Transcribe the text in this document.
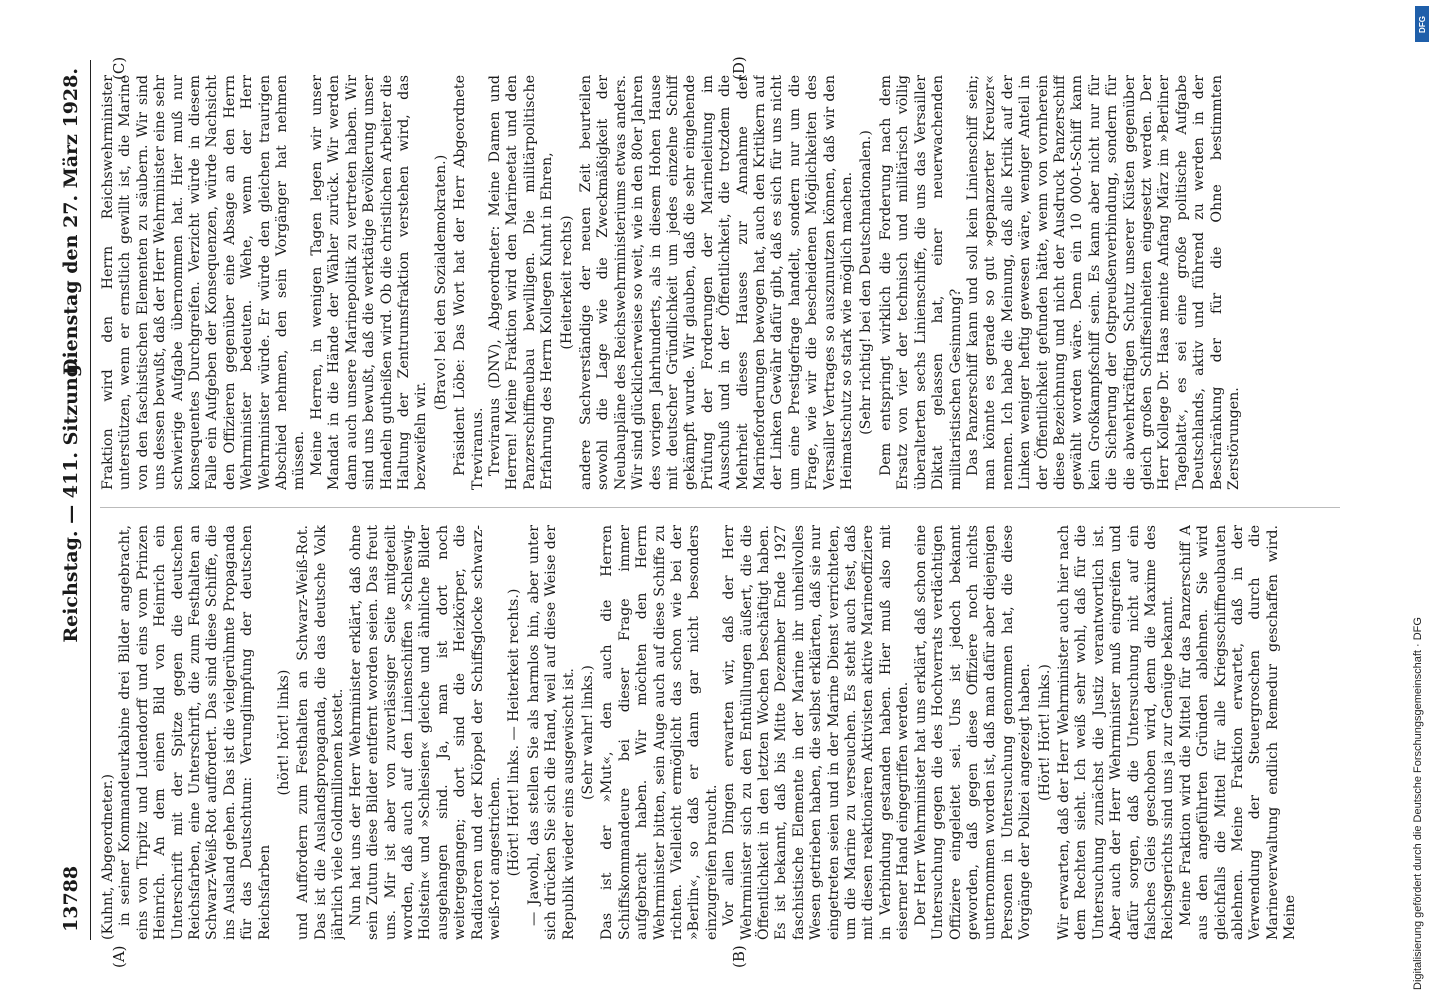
Digitalisierung gefördert durch die Deutsche Forschungsgemeinschaft · DFG
DFG
13788
Reichstag. — 411. Sitzung.
Dienstag den 27. März 1928.

(Kuhnt, Abgeordneter.) in seiner Kommandeurkabine drei Bilder angebracht, eins von Tirpitz und Ludendorff und eins vom Prinzen Heinrich. An dem einen Bild von Heinrich ein Unterschrift mit der Spitze gegen die deutschen Reichsfarben, eine Unterschrift, die zum Festhalten an Schwarz-Weiß-Rot auffordert. Das sind diese Schiffe, die ins Ausland gehen. Das ist die vielgerühmte Propaganda für das Deutschtum: Verunglimpfung der deutschen Reichsfarben

(hört! hört! links) und Auffordern zum Festhalten an Schwarz-Weiß-Rot. Das ist die Auslandspropaganda, die das deutsche Volk jährlich viele Goldmillionen kostet. Nun hat uns der Herr Wehrminister erklärt, daß ohne sein Zutun diese Bilder entfernt worden seien. Das freut uns. Mir ist aber von zuverlässiger Seite mitgeteilt worden, daß auch auf den Linienschiffen »Schleswig-Holstein« und »Schlesien« gleiche und ähnliche Bilder ausgehangen sind. Ja, man ist dort noch weitergegangen; dort sind die Heizkörper, die Radiatoren und der Klöppel der Schiffsglocke schwarz-weiß-rot angestrichen. (Hört! Hört! links. — Heiterkeit rechts.) — Jawohl, das stellen Sie als harmlos hin, aber unter sich drücken Sie sich die Hand, weil auf diese Weise der Republik wieder eins ausgewischt ist. (Sehr wahr! links.) Das ist der »Mut«, den auch die Herren Schiffskommandeure bei dieser Frage immer aufgebracht haben. Wir möchten den Herrn Wehrminister bitten, sein Auge auch auf diese Schiffe zu richten. Vielleicht ermöglicht das schon wie bei der »Berlin«, so daß er dann gar nicht besonders einzugreifen braucht. Vor allen Dingen erwarten wir, daß der Herr Wehrminister sich zu den Enthüllungen äußert, die die Öffentlichkeit in den letzten Wochen beschäftigt haben. Es ist bekannt, daß bis Mitte Dezember Ende 1927 faschistische Elemente in der Marine ihr unheilvolles Wesen getrieben haben, die selbst erklärten, daß sie nur eingetreten seien und in der Marine Dienst verrichteten, um die Marine zu verseuchen. Es steht auch fest, daß mit diesen reaktionären Aktivisten aktive Marineoffiziere in Verbindung gestanden haben. Hier muß also mit eiserner Hand eingegriffen werden. Der Herr Wehrminister hat uns erklärt, daß schon eine Untersuchung gegen die des Hochverrats verdächtigen Offiziere eingeleitet sei. Uns ist jedoch bekannt geworden, daß gegen diese Offiziere noch nichts unternommen worden ist, daß man dafür aber diejenigen Personen in Untersuchung genommen hat, die diese Vorgänge der Polizei angezeigt haben. (Hört! Hört! links.) Wir erwarten, daß der Herr Wehrminister auch hier nach dem Rechten sieht. Ich weiß sehr wohl, daß für die Untersuchung zunächst die Justiz verantwortlich ist. Aber auch der Herr Wehrminister muß eingreifen und dafür sorgen, daß die Untersuchung nicht auf ein falsches Gleis geschoben wird, denn die Maxime des Reichsgerichts sind uns ja zur Genüge bekannt. Meine Fraktion wird die Mittel für das Panzerschiff A aus den angeführten Gründen ablehnen. Sie wird gleichfalls die Mittel für alle Kriegsschiffneubauten ablehnen. Meine Fraktion erwartet, daß in der Verwendung der Steuergroschen durch die Marineverwaltung endlich Remedur geschaffen wird. Meine

Fraktion wird den Herrn Reichswehrminister unterstützen, wenn er ernstlich gewillt ist, die Marine von den faschistischen Elementen zu säubern. Wir sind uns dessen bewußt, daß der Herr Wehrminister eine sehr schwierige Aufgabe übernommen hat. Hier muß nur konsequentes Durchgreifen. Verzicht würde in diesem Falle ein Aufgeben der Konsequenzen, würde Nachsicht den Offizieren gegenüber eine Absage an den Herrn Wehrminister bedeuten. Wehe, wenn der Herr Wehrminister würde. Er würde den gleichen traurigen Abschied nehmen, den sein Vorgänger hat nehmen müssen. Meine Herren, in wenigen Tagen legen wir unser Mandat in die Hände der Wähler zurück. Wir werden dann auch unsere Marinepolitik zu vertreten haben. Wir sind uns bewußt, daß die werktätige Bevölkerung unser Handeln gutheißen wird. Ob die christlichen Arbeiter die Haltung der Zentrumsfraktion verstehen wird, das bezweifeln wir.

(Bravo! bei den Sozialdemokraten.) Präsident Löbe: Das Wort hat der Herr Abgeordnete Treviranus. Treviranus (DNV), Abgeordneter: Meine Damen und Herren! Meine Fraktion wird den Marineetat und den Panzerschiffneubau bewilligen. Die militärpolitische Erfahrung des Herrn Kollegen Kuhnt in Ehren, (Heiterkeit rechts) andere Sachverständige der neuen Zeit beurteilen sowohl die Lage wie die Zweckmäßigkeit der Neubaupläne des Reichswehrministeriums etwas anders. Wir sind glücklicherweise so weit, wie in den 80er Jahren des vorigen Jahrhunderts, als in diesem Hohen Hause mit deutscher Gründlichkeit um jedes einzelne Schiff gekämpft wurde. Wir glauben, daß die sehr eingehende Prüfung der Forderungen der Marineleitung im Ausschuß und in der Öffentlichkeit, die trotzdem die Mehrheit dieses Hauses zur Annahme der Marineforderungen bewogen hat, auch den Kritikern auf der Linken Gewähr dafür gibt, daß es sich für uns nicht um eine Prestigefrage handelt, sondern nur um die Frage, wie wir die bescheidenen Möglichkeiten des Versailler Vertrages so auszunutzen können, daß wir den Heimatschutz so stark wie möglich machen. (Sehr richtig! bei den Deutschnationalen.) Dem entspringt wirklich die Forderung nach dem Ersatz von vier der technisch und militärisch völlig überalterten sechs Linienschiffe, die uns das Versailler Diktat gelassen hat, einer neuerwachenden militaristischen Gesinnung? Das Panzerschiff kann und soll kein Linienschiff sein; man könnte es gerade so gut »gepanzerter Kreuzer« nennen. Ich habe die Meinung, daß alle Kritik auf der Linken weniger heftig gewesen wäre, weniger Anteil in der Öffentlichkeit gefunden hätte, wenn von vornherein diese Bezeichnung und nicht der Ausdruck Panzerschiff gewählt worden wäre. Denn ein 10 000-t-Schiff kann kein Großkampfschiff sein. Es kann aber nicht nur für die Sicherung der Ostpreußenverbindung, sondern für die abwehrkräftigen Schutz unserer Küsten gegenüber gleich großen Schiffseinheiten eingesetzt werden. Der Herr Kollege Dr. Haas meinte Anfang März im »Berliner Tageblatt«, es sei eine große politische Aufgabe Deutschlands, aktiv und führend zu werden in der Beschränkung der für die Ohne bestimmten Zerstörungen.

(A)	(B)
(C)	(D)
